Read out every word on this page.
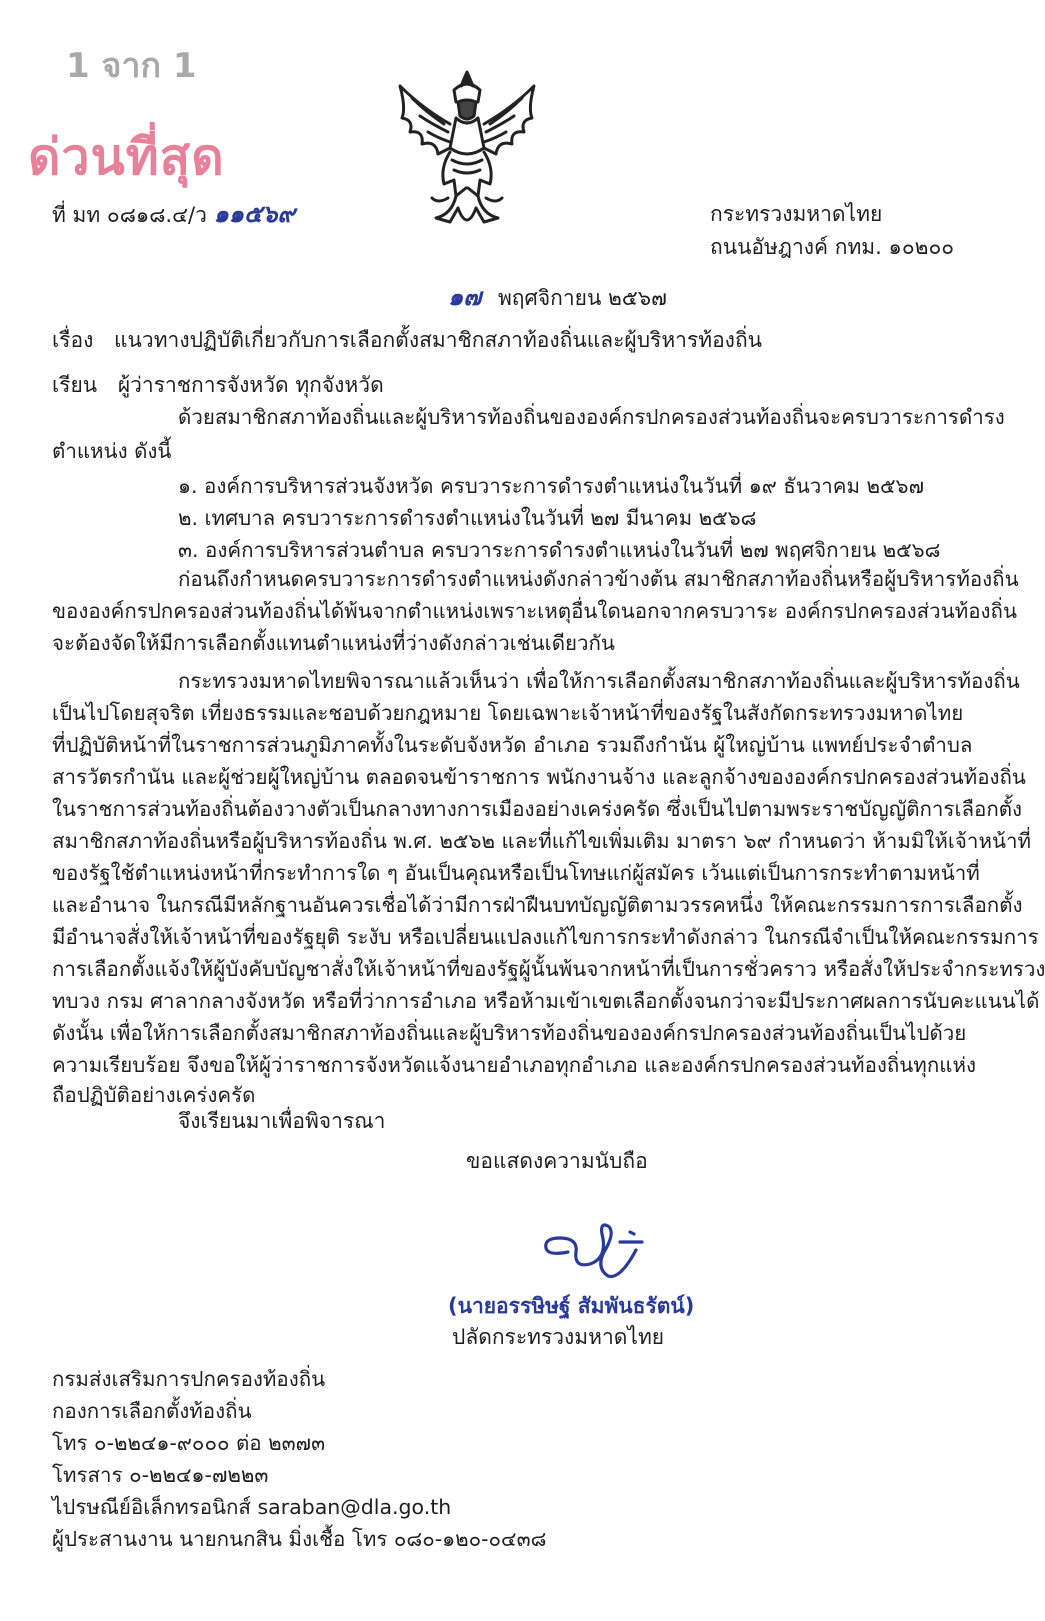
1 จาก 1
ด่วนที่สุด
ที่ มท ๐๘๑๘.๔/ว ๑๑๕๖๙	กระทรวงมหาดไทย
ถนนอัษฎางค์ กทม. ๑๐๒๐๐
๑๗ พฤศจิกายน ๒๕๖๗
เรื่อง แนวทางปฏิบัติเกี่ยวกับการเลือกตั้งสมาชิกสภาท้องถิ่นและผู้บริหารท้องถิ่น
เรียน ผู้ว่าราชการจังหวัด ทุกจังหวัด
ด้วยสมาชิกสภาท้องถิ่นและผู้บริหารท้องถิ่นขององค์กรปกครองส่วนท้องถิ่นจะครบวาระการดำรง
ตำแหน่ง ดังนี้
๑. องค์การบริหารส่วนจังหวัด ครบวาระการดำรงตำแหน่งในวันที่ ๑๙ ธันวาคม ๒๕๖๗
๒. เทศบาล ครบวาระการดำรงตำแหน่งในวันที่ ๒๗ มีนาคม ๒๕๖๘
๓. องค์การบริหารส่วนตำบล ครบวาระการดำรงตำแหน่งในวันที่ ๒๗ พฤศจิกายน ๒๕๖๘
ก่อนถึงกำหนดครบวาระการดำรงตำแหน่งดังกล่าวข้างต้น สมาชิกสภาท้องถิ่นหรือผู้บริหารท้องถิ่น
ขององค์กรปกครองส่วนท้องถิ่นได้พ้นจากตำแหน่งเพราะเหตุอื่นใดนอกจากครบวาระ องค์กรปกครองส่วนท้องถิ่น
จะต้องจัดให้มีการเลือกตั้งแทนตำแหน่งที่ว่างดังกล่าวเช่นเดียวกัน
กระทรวงมหาดไทยพิจารณาแล้วเห็นว่า เพื่อให้การเลือกตั้งสมาชิกสภาท้องถิ่นและผู้บริหารท้องถิ่น
เป็นไปโดยสุจริต เที่ยงธรรมและชอบด้วยกฎหมาย โดยเฉพาะเจ้าหน้าที่ของรัฐในสังกัดกระทรวงมหาดไทย
ที่ปฏิบัติหน้าที่ในราชการส่วนภูมิภาคทั้งในระดับจังหวัด อำเภอ รวมถึงกำนัน ผู้ใหญ่บ้าน แพทย์ประจำตำบล
สารวัตรกำนัน และผู้ช่วยผู้ใหญ่บ้าน ตลอดจนข้าราชการ พนักงานจ้าง และลูกจ้างขององค์กรปกครองส่วนท้องถิ่น
ในราชการส่วนท้องถิ่นต้องวางตัวเป็นกลางทางการเมืองอย่างเคร่งครัด ซึ่งเป็นไปตามพระราชบัญญัติการเลือกตั้ง
สมาชิกสภาท้องถิ่นหรือผู้บริหารท้องถิ่น พ.ศ. ๒๕๖๒ และที่แก้ไขเพิ่มเติม มาตรา ๖๙ กำหนดว่า ห้ามมิให้เจ้าหน้าที่
ของรัฐใช้ตำแหน่งหน้าที่กระทำการใด ๆ อันเป็นคุณหรือเป็นโทษแก่ผู้สมัคร เว้นแต่เป็นการกระทำตามหน้าที่
และอำนาจ ในกรณีมีหลักฐานอันควรเชื่อได้ว่ามีการฝ่าฝืนบทบัญญัติตามวรรคหนึ่ง ให้คณะกรรมการการเลือกตั้ง
มีอำนาจสั่งให้เจ้าหน้าที่ของรัฐยุติ ระงับ หรือเปลี่ยนแปลงแก้ไขการกระทำดังกล่าว ในกรณีจำเป็นให้คณะกรรมการ
การเลือกตั้งแจ้งให้ผู้บังคับบัญชาสั่งให้เจ้าหน้าที่ของรัฐผู้นั้นพ้นจากหน้าที่เป็นการชั่วคราว หรือสั่งให้ประจำกระทรวง
ทบวง กรม ศาลากลางจังหวัด หรือที่ว่าการอำเภอ หรือห้ามเข้าเขตเลือกตั้งจนกว่าจะมีประกาศผลการนับคะแนนได้
ดังนั้น เพื่อให้การเลือกตั้งสมาชิกสภาท้องถิ่นและผู้บริหารท้องถิ่นขององค์กรปกครองส่วนท้องถิ่นเป็นไปด้วย
ความเรียบร้อย จึงขอให้ผู้ว่าราชการจังหวัดแจ้งนายอำเภอทุกอำเภอ และองค์กรปกครองส่วนท้องถิ่นทุกแห่ง
ถือปฏิบัติอย่างเคร่งครัด
จึงเรียนมาเพื่อพิจารณา
ขอแสดงความนับถือ
(นายอรรษิษฐ์ สัมพันธรัตน์)
ปลัดกระทรวงมหาดไทย
กรมส่งเสริมการปกครองท้องถิ่น
กองการเลือกตั้งท้องถิ่น
โทร ๐-๒๒๔๑-๙๐๐๐ ต่อ ๒๓๗๓
โทรสาร ๐-๒๒๔๑-๗๒๒๓
ไปรษณีย์อิเล็กทรอนิกส์ saraban@dla.go.th
ผู้ประสานงาน นายกนกสิน มิ่งเชื้อ โทร ๐๘๐-๑๒๐-๐๔๓๘
